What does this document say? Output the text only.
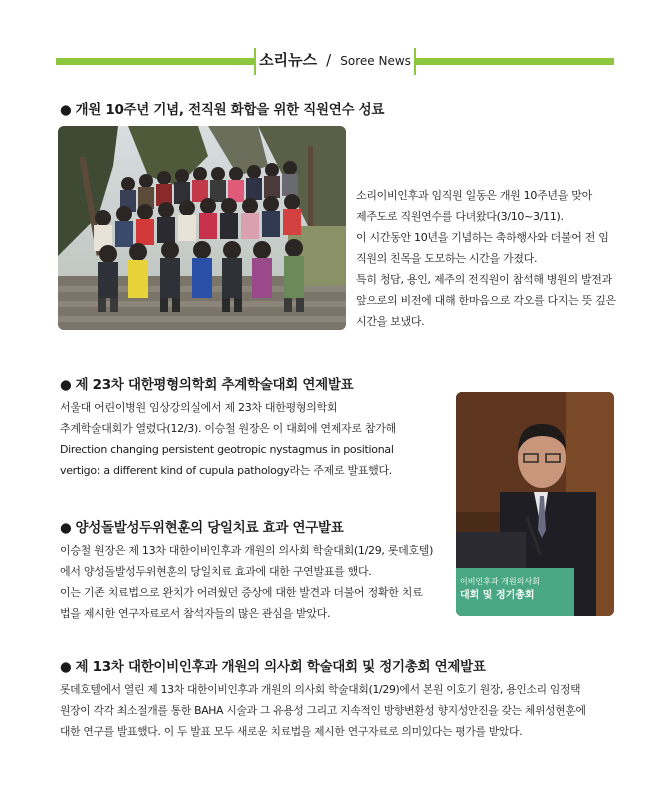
소리뉴스 / Soree News
● 개원 10주년 기념, 전직원 화합을 위한 직원연수 성료

소리이비인후과 임직원 일동은 개원 10주년을 맞아
제주도로 직원연수를 다녀왔다(3/10~3/11).
이 시간동안 10년을 기념하는 축하행사와 더불어 전 임
직원의 친목을 도모하는 시간을 가졌다.
특히 청담, 용인, 제주의 전직원이 참석해 병원의 발전과
앞으로의 비전에 대해 한마음으로 각오를 다지는 뜻 깊은
시간을 보냈다.

● 제 23차 대한평형의학회 추계학술대회 연제발표

서울대 어린이병원 임상강의실에서 제 23차 대한평형의학회
추계학술대회가 열렸다(12/3). 이승철 원장은 이 대회에 연제자로 참가해
Direction changing persistent geotropic nystagmus in positional
vertigo: a different kind of cupula pathology라는 주제로 발표했다.

이비인후과 개원의사회
대회 및 정기총회
● 양성돌발성두위현훈의 당일치료 효과 연구발표

이승철 원장은 제 13차 대한이비인후과 개원의 의사회 학술대회(1/29, 롯데호텔)
에서 양성돌발성두위현훈의 당일치료 효과에 대한 구연발표를 했다.
이는 기존 치료법으로 완치가 어려웠던 증상에 대한 발견과 더불어 정확한 치료
법을 제시한 연구자료로서 참석자들의 많은 관심을 받았다.

● 제 13차 대한이비인후과 개원의 의사회 학술대회 및 정기총회 연제발표

롯데호텔에서 열린 제 13차 대한이비인후과 개원의 의사회 학술대회(1/29)에서 본원 이호기 원장, 용인소리 임정택
원장이 각각 최소절개를 통한 BAHA 시술과 그 유용성 그리고 지속적인 방향변환성 향지성안진을 갖는 체위성현훈에
대한 연구를 발표했다. 이 두 발표 모두 새로운 치료법을 제시한 연구자료로 의미있다는 평가를 받았다.
